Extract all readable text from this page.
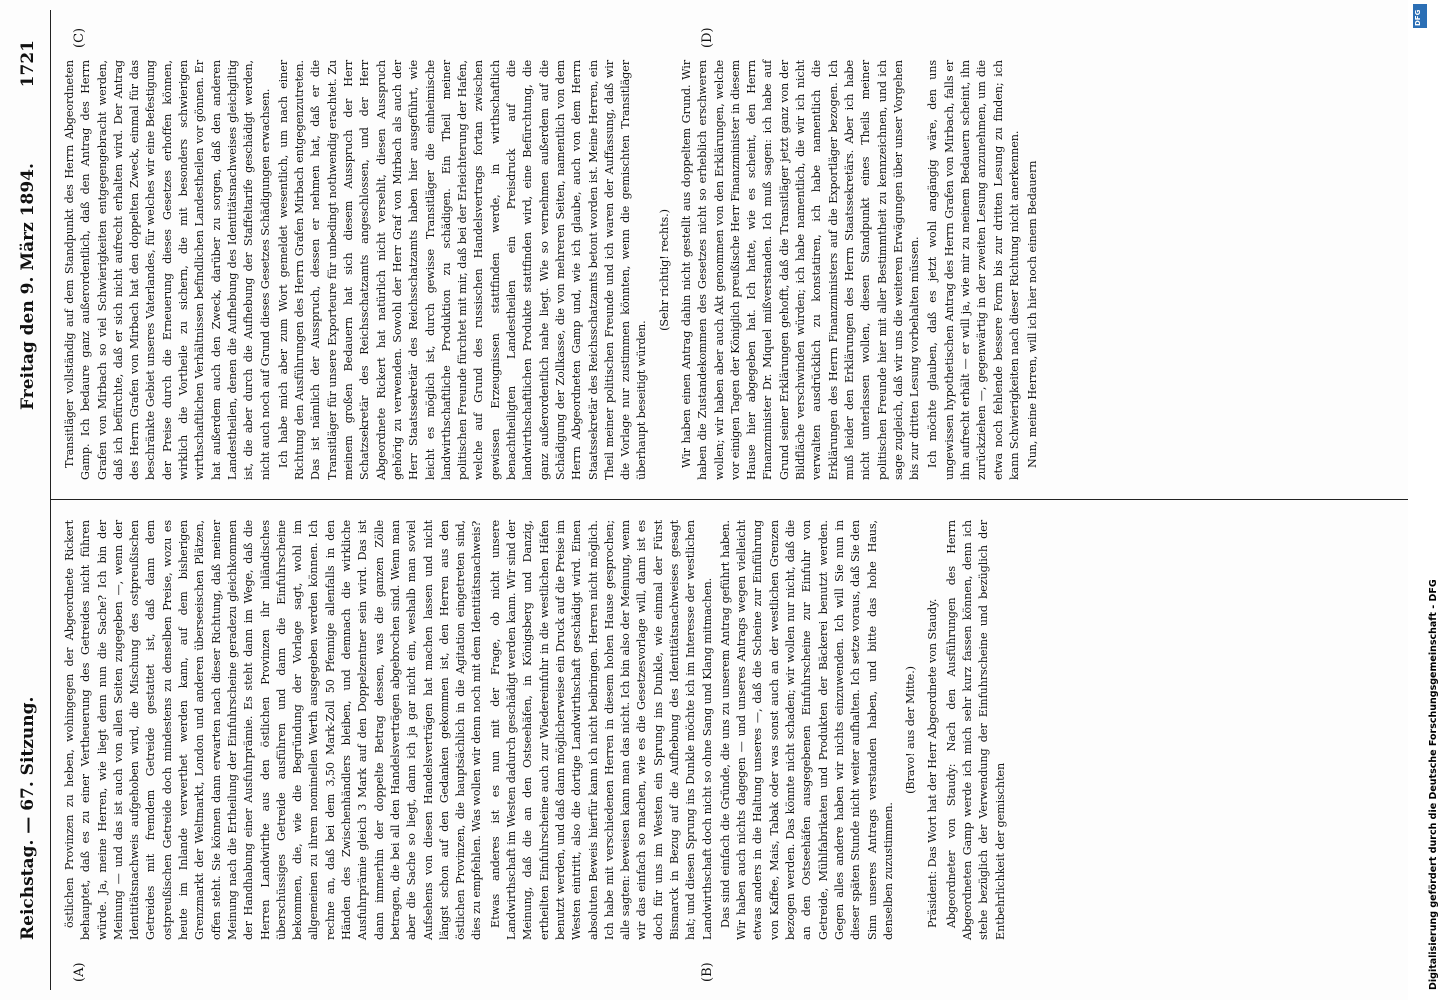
Reichstag. — 67. Sitzung.
Freitag den 9. März 1894.
1721
(A)	(B)
(C)	(D)

östlichen Provinzen zu heben, wohingegen der Abgeordnete Rickert behauptet, daß es zu einer Vertheuerung des Getreides nicht führen würde. Ja, meine Herren, wie liegt denn nun die Sache? Ich bin der Meinung — und das ist auch von allen Seiten zugegeben —, wenn der Identitätsnachweis aufgehoben wird, die Mischung des ostpreußischen Getreides mit fremdem Getreide gestattet ist, daß dann dem ostpreußischen Getreide doch mindestens zu denselben Preise, wozu es heute im Inlande verwerthet werden kann, auf dem bisherigen Grenzmarkt der Weltmarkt, London und anderen überseeischen Plätzen, offen steht. Sie können dann erwarten nach dieser Richtung, daß meiner Meinung nach die Ertheilung der Einfuhrscheine geradezu gleichkommen der Handhabung einer Ausfuhrprämie. Es steht dann im Wege, daß die Herren Landwirthe aus den östlichen Provinzen ihr inländisches überschüssiges Getreide ausführen und dann die Einfuhrscheine bekommen, die, wie die Begründung der Vorlage sagt, wohl im allgemeinen zu ihrem nominellen Werth ausgegeben werden können. Ich rechne an, daß bei dem 3,50 Mark-Zoll 50 Pfennige allenfalls in den Händen des Zwischenhändlers bleiben, und demnach die wirkliche Ausfuhrprämie gleich 3 Mark auf den Doppelzentner sein wird. Das ist dann immerhin der doppelte Betrag dessen, was die ganzen Zölle betragen, die bei all den Handelsverträgen abgebrochen sind. Wenn man aber die Sache so liegt, dann ich ja gar nicht ein, weshalb man soviel Aufsehens von diesen Handelsverträgen hat machen lassen und nicht längst schon auf den Gedanken gekommen ist, den Herren aus den östlichen Provinzen, die hauptsächlich in die Agitation eingetreten sind, dies zu empfehlen. Was wollen wir denn noch mit dem Identitätsnachweis? Etwas anderes ist es nun mit der Frage, ob nicht unsere Landwirthschaft im Westen dadurch geschädigt werden kann. Wir sind der Meinung, daß die an den Ostseehäfen, in Königsberg und Danzig, ertheilten Einfuhrscheine auch zur Wiedereinfuhr in die westlichen Häfen benutzt werden, und daß dann möglicherweise ein Druck auf die Preise im Westen eintritt, also die dortige Landwirthschaft geschädigt wird. Einen absoluten Beweis hierfür kann ich nicht beibringen. Herren nicht möglich. Ich habe mit verschiedenen Herren in diesem hohen Hause gesprochen; alle sagten: beweisen kann man das nicht. Ich bin also der Meinung, wenn wir das einfach so machen, wie es die Gesetzesvorlage will, dann ist es doch für uns im Westen ein Sprung ins Dunkle, wie einmal der Fürst Bismarck in Bezug auf die Aufhebung des Identitätsnachweises gesagt hat; und diesen Sprung ins Dunkle möchte ich im Interesse der westlichen Landwirthschaft doch nicht so ohne Sang und Klang mitmachen. Das sind einfach die Gründe, die uns zu unserem Antrag geführt haben. Wir haben auch nichts dagegen — und unseres Antrags wegen vielleicht etwas anders in die Haltung unseres —, daß die Scheine zur Einführung von Kaffee, Mais, Tabak oder was sonst auch an der westlichen Grenzen bezogen werden. Das könnte nicht schaden; wir wollen nur nicht, daß die an den Ostseehäfen ausgegebenen Einfuhrscheine zur Einfuhr von Getreide, Mühlfabrikaten und Produkten der Bäckerei benutzt werden. Gegen alles andere haben wir nichts einzuwenden. Ich will Sie nun in dieser späten Stunde nicht weiter aufhalten. Ich setze voraus, daß Sie den Sinn unseres Antrags verstanden haben, und bitte das hohe Haus, denselben zuzustimmen.

(Bravo! aus der Mitte.) Präsident: Das Wort hat der Herr Abgeordnete von Staudy. Abgeordneter von Staudy: Nach den Ausführungen des Herrn Abgeordneten Gamp werde ich mich sehr kurz fassen können, denn ich stehe bezüglich der Verwendung der Einfuhrscheine und bezüglich der Entbehrlichkeit der gemischten

Transitläger vollständig auf dem Standpunkt des Herrn Abgeordneten Gamp. Ich bedaure ganz außerordentlich, daß den Antrag des Herrn Grafen von Mirbach so viel Schwierigkeiten entgegengebracht werden, daß ich befürchte, daß er sich nicht aufrecht erhalten wird. Der Antrag des Herrn Grafen von Mirbach hat den doppelten Zweck, einmal für das beschränkte Gebiet unseres Vaterlandes, für welches wir eine Befestigung der Preise durch die Erneuerung dieses Gesetzes erhoffen können, wirklich die Vortheile zu sichern, die mit besonders schwierigen wirthschaftlichen Verhältnissen befindlichen Landestheilen vor gönnen. Er hat außerdem auch den Zweck, darüber zu sorgen, daß den anderen Landestheilen, denen die Aufhebung des Identitätsnachweises gleichgiltig ist, die aber durch die Aufhebung der Staffeltarife geschädigt werden, nicht auch noch auf Grund dieses Gesetzes Schädigungen erwachsen. Ich habe mich aber zum Wort gemeldet wesentlich, um nach einer Richtung den Ausführungen des Herrn Grafen Mirbach entgegenzutreten. Das ist nämlich der Ausspruch, dessen er nehmen hat, daß er die Transitläger für unsere Exporteure für unbedingt nothwendig erachtet. Zu meinem großen Bedauern hat sich diesem Ausspruch der Herr Schatzsekretär des Reichsschatzamts angeschlossen, und der Herr Abgeordnete Rickert hat natürlich nicht versehlt, diesen Ausspruch gehörig zu verwenden. Sowohl der Herr Graf von Mirbach als auch der Herr Staatssekretär des Reichsschatzamts haben hier ausgeführt, wie leicht es möglich ist, durch gewisse Transitläger die einheimische landwirthschaftliche Produktion zu schädigen. Ein Theil meiner politischen Freunde fürchtet mit mir, daß bei der Erleichterung der Hafen, welche auf Grund des russischen Handelsvertrags fortan zwischen gewissen Erzeugnissen stattfinden werde, in wirthschaftlich benachtheiligten Landestheilen ein Preisdruck auf die landwirthschaftlichen Produkte stattfinden wird, eine Befürchtung, die ganz außerordentlich nahe liegt. Wie so vernehmen außerdem auf die Schädigung der Zollkasse, die von mehreren Seiten, namentlich von dem Herrn Abgeordneten Gamp und, wie ich glaube, auch von dem Herrn Staatssekretär des Reichsschatzamts betont worden ist. Meine Herren, ein Theil meiner politischen Freunde und ich waren der Auffassung, daß wir die Vorlage nur zustimmen könnten, wenn die gemischten Transitläger überhaupt beseitigt würden.

(Sehr richtig! rechts.) Wir haben einen Antrag dahin nicht gestellt aus doppeltem Grund. Wir haben die Zustandekommen des Gesetzes nicht so erheblich erschweren wollen; wir haben aber auch Akt genommen von den Erklärungen, welche vor einigen Tagen der Königlich preußische Herr Finanzminister in diesem Hause hier abgegeben hat. Ich hatte, wie es scheint, den Herrn Finanzminister Dr. Miquel mißverstanden. Ich muß sagen: ich habe auf Grund seiner Erklärungen gehofft, daß die Transitläger jetzt ganz von der Bildfläche verschwinden würden; ich habe namentlich, die wir ich nicht verwalten ausdrücklich zu konstatiren, ich habe namentlich die Erklärungen des Herrn Finanzministers auf die Exportläger bezogen. Ich muß leider den Erklärungen des Herrn Staatssekretärs. Aber ich habe nicht unterlassen wollen, diesen Standpunkt eines Theils meiner politischen Freunde hier mit aller Bestimmtheit zu kennzeichnen, und ich sage zugleich, daß wir uns die weiteren Erwägungen über unser Vorgehen bis zur dritten Lesung vorbehalten müssen. Ich möchte glauben, daß es jetzt wohl angängig wäre, den uns ungewissen hypothetischen Antrag des Herrn Grafen von Mirbach, falls er ihn aufrecht erhält — er will ja, wie mir zu meinem Bedauern scheint, ihn zurückziehen —, gegenwärtig in der zweiten Lesung anzunehmen, um die etwa noch fehlende bessere Form bis zur dritten Lesung zu finden; ich kann Schwierigkeiten nach dieser Richtung nicht anerkennen. Nun, meine Herren, will ich hier noch einem Bedauern

Digitalisierung gefördert durch die Deutsche Forschungsgemeinschaft - DFG
DFG
